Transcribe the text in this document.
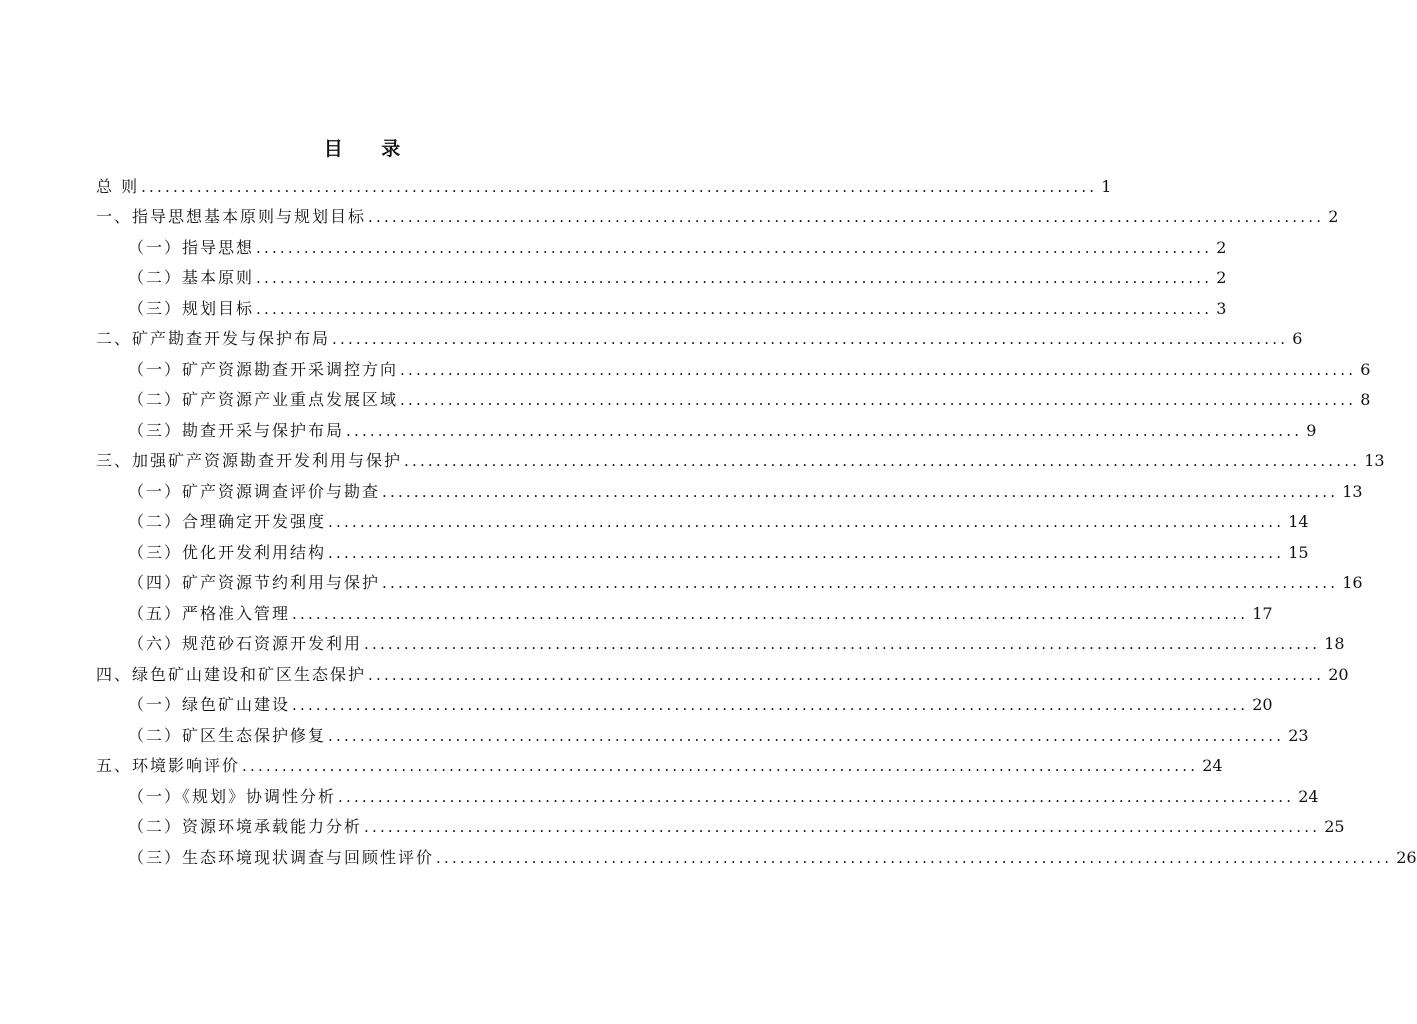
目 录
总 则 ........................................................................................................................ 1
一、指导思想基本原则与规划目标 ........................................................................................................................ 2
（一）指导思想 ........................................................................................................................ 2
（二）基本原则 ........................................................................................................................ 2
（三）规划目标 ........................................................................................................................ 3
二、矿产勘查开发与保护布局 ........................................................................................................................ 6
（一）矿产资源勘查开采调控方向 ........................................................................................................................ 6
（二）矿产资源产业重点发展区域 ........................................................................................................................ 8
（三）勘查开采与保护布局 ........................................................................................................................ 9
三、加强矿产资源勘查开发利用与保护 ........................................................................................................................ 13
（一）矿产资源调查评价与勘查 ........................................................................................................................ 13
（二）合理确定开发强度 ........................................................................................................................ 14
（三）优化开发利用结构 ........................................................................................................................ 15
（四）矿产资源节约利用与保护 ........................................................................................................................ 16
（五）严格准入管理 ........................................................................................................................ 17
（六）规范砂石资源开发利用 ........................................................................................................................ 18
四、绿色矿山建设和矿区生态保护 ........................................................................................................................ 20
（一）绿色矿山建设 ........................................................................................................................ 20
（二）矿区生态保护修复 ........................................................................................................................ 23
五、环境影响评价 ........................................................................................................................ 24
（一）《规划》协调性分析 ........................................................................................................................ 24
（二）资源环境承载能力分析 ........................................................................................................................ 25
（三）生态环境现状调查与回顾性评价 ........................................................................................................................ 26
